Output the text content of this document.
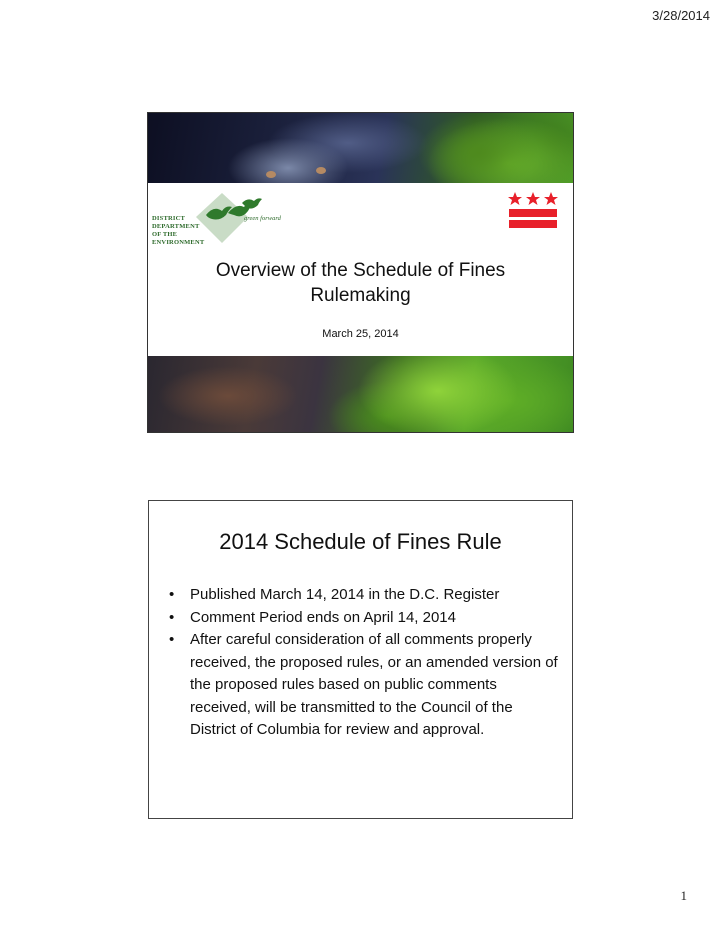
3/28/2014
DISTRICT
DEPARTMENT
OF THE
ENVIRONMENT
green forward
Overview of the Schedule of Fines
Rulemaking
March 25, 2014
2014 Schedule of Fines Rule
• Published March 14, 2014 in the D.C. Register
• Comment Period ends on April 14, 2014
• After careful consideration of all comments properly received, the proposed rules, or an amended version of the proposed rules based on public comments received, will be transmitted to the Council of the District of Columbia for review and approval.
1
